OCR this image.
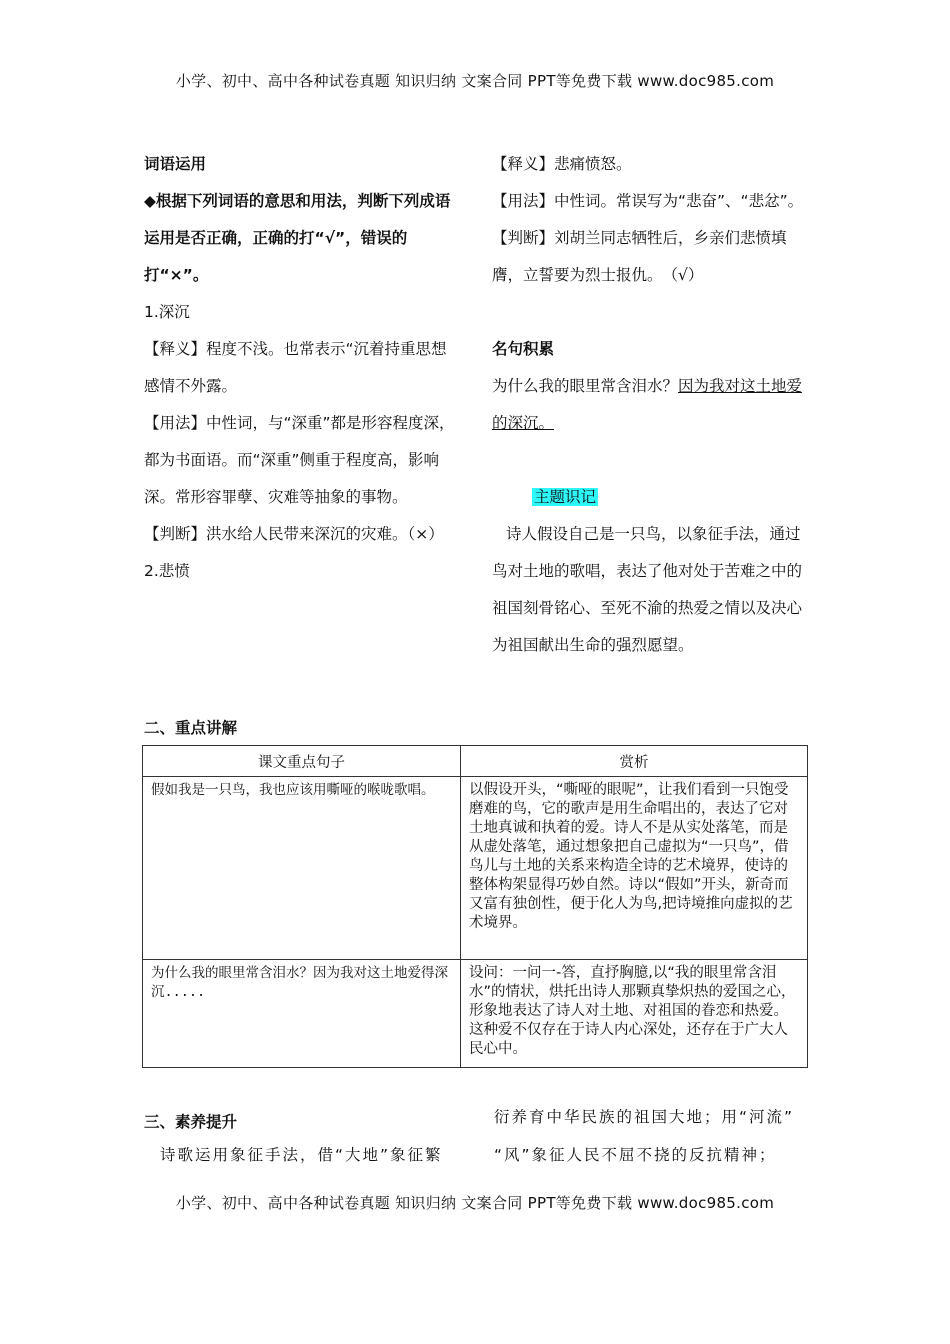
小学、初中、高中各种试卷真题 知识归纳 文案合同 PPT等免费下载 www.doc985.com

词语运用

◆根据下列词语的意思和用法，判断下列成语运用是否正确，正确的打“√”，错误的打“×”。

1.深沉

【释义】程度不浅。也常表示“沉着持重思想感情不外露。

【用法】中性词，与“深重”都是形容程度深，都为书面语。而“深重”侧重于程度高，影响深。常形容罪孽、灾难等抽象的事物。

【判断】洪水给人民带来深沉的灾难。（×）

2.悲愤

【释义】悲痛愤怒。

【用法】中性词。常误写为“悲奋”、“悲忿”。

【判断】刘胡兰同志牺牲后，乡亲们悲愤填膺，立誓要为烈士报仇。　（√）

名句积累

为什么我的眼里常含泪水？因为我对这土地爱的深沉。

主题识记

诗人假设自己是一只鸟，以象征手法，通过鸟对土地的歌唱，表达了他对处于苦难之中的祖国刻骨铭心、至死不渝的热爱之情以及决心为祖国献出生命的强烈愿望。

二、重点讲解
课文重点句子	赏析
假如我是一只鸟，我也应该用嘶哑的喉咙歌唱。	以假设开头，“嘶哑的眼呢”，让我们看到一只饱受磨难的鸟，它的歌声是用生命唱出的，表达了它对土地真诚和执着的爱。诗人不是从实处落笔，而是从虚处落笔，通过想象把自己虚拟为“一只鸟”，借鸟儿与土地的关系来构造全诗的艺术境界，使诗的整体构架显得巧妙自然。诗以“假如”开头，新奇而又富有独创性，便于化人为鸟,把诗境推向虚拟的艺术境界。
为什么我的眼里常含泪水？因为我对这土地爱得深沉.....	设问：一问一-答，直抒胸臆,以“我的眼里常含泪水”的情状，烘托出诗人那颗真挚炽热的爱国之心，形象地表达了诗人对土地、对祖国的眷恋和热爱。这种爱不仅存在于诗人内心深处，还存在于广大人民心中。
三、素养提升
诗歌运用象征手法，借“大地”象征繁
衍养育中华民族的祖国大地；用“河流”
“风”象征人民不屈不挠的反抗精神；
小学、初中、高中各种试卷真题 知识归纳 文案合同 PPT等免费下载 www.doc985.com
